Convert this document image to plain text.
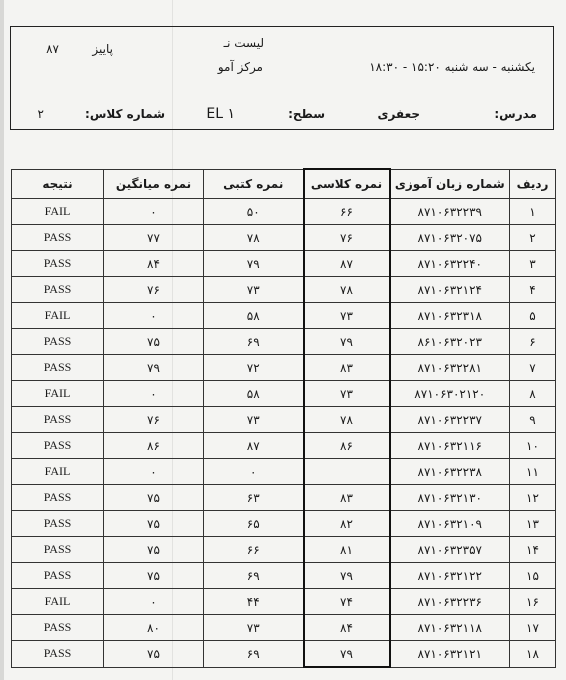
لیست نـ
پاییز
۸۷
مرکز آمو	یکشنبه - سه شنبه ۱۵:۲۰ - ۱۸:۳۰
مدرس:
جعفری
سطح:
EL ۱
شماره کلاس:
۲
ردیف	شماره زبان آموزی	نمره کلاسی	نمره کتبی	نمره میانگین	نتیجه
۱	۸۷۱۰۶۳۲۲۳۹	۶۶	۵۰	۰	FAIL
۲	۸۷۱۰۶۳۲۰۷۵	۷۶	۷۸	۷۷	PASS
۳	۸۷۱۰۶۳۲۲۴۰	۸۷	۷۹	۸۴	PASS
۴	۸۷۱۰۶۳۲۱۲۴	۷۸	۷۳	۷۶	PASS
۵	۸۷۱۰۶۳۲۳۱۸	۷۳	۵۸	۰	FAIL
۶	۸۶۱۰۶۳۲۰۲۳	۷۹	۶۹	۷۵	PASS
۷	۸۷۱۰۶۳۲۲۸۱	۸۳	۷۲	۷۹	PASS
۸	۸۷۱۰۶۳۰۲۱۲۰	۷۳	۵۸	۰	FAIL
۹	۸۷۱۰۶۳۲۲۳۷	۷۸	۷۳	۷۶	PASS
۱۰	۸۷۱۰۶۳۲۱۱۶	۸۶	۸۷	۸۶	PASS
۱۱	۸۷۱۰۶۳۲۲۳۸		۰	۰	FAIL
۱۲	۸۷۱۰۶۳۲۱۳۰	۸۳	۶۳	۷۵	PASS
۱۳	۸۷۱۰۶۳۲۱۰۹	۸۲	۶۵	۷۵	PASS
۱۴	۸۷۱۰۶۳۲۳۵۷	۸۱	۶۶	۷۵	PASS
۱۵	۸۷۱۰۶۳۲۱۲۲	۷۹	۶۹	۷۵	PASS
۱۶	۸۷۱۰۶۳۲۲۳۶	۷۴	۴۴	۰	FAIL
۱۷	۸۷۱۰۶۳۲۱۱۸	۸۴	۷۳	۸۰	PASS
۱۸	۸۷۱۰۶۳۲۱۲۱	۷۹	۶۹	۷۵	PASS
